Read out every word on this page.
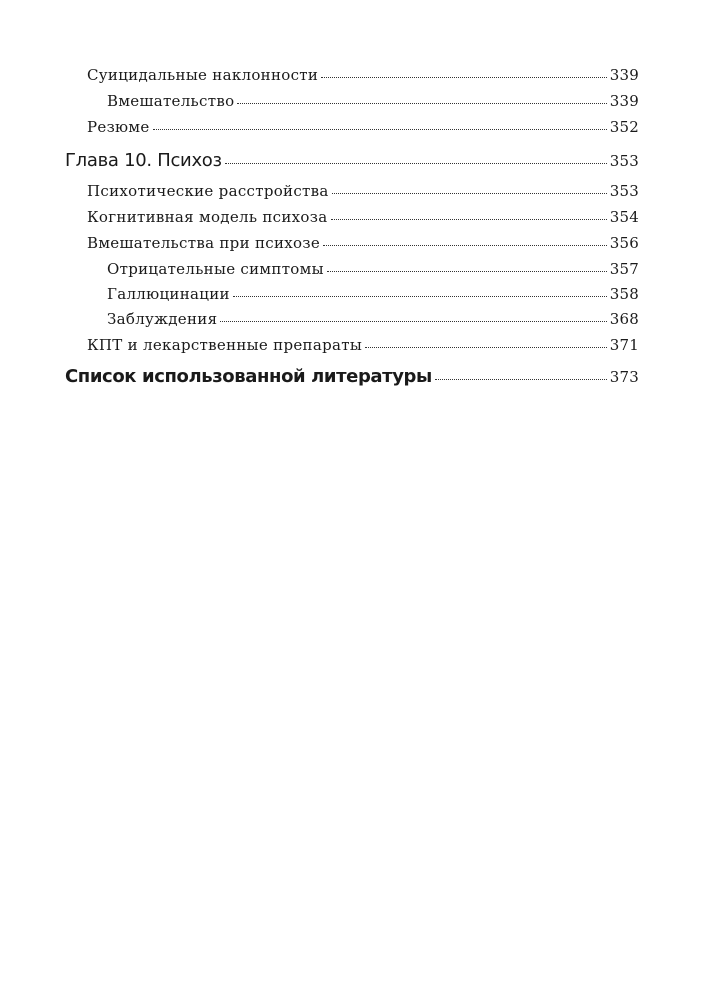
Суицидальные наклонности	339
Вмешательство	339
Резюме	352
Глава 10. Психоз	353
Психотические расстройства	353
Когнитивная модель психоза	354
Вмешательства при психозе	356
Отрицательные симптомы	357
Галлюцинации	358
Заблуждения	368
КПТ и лекарственные препараты	371
Список использованной литературы	373
